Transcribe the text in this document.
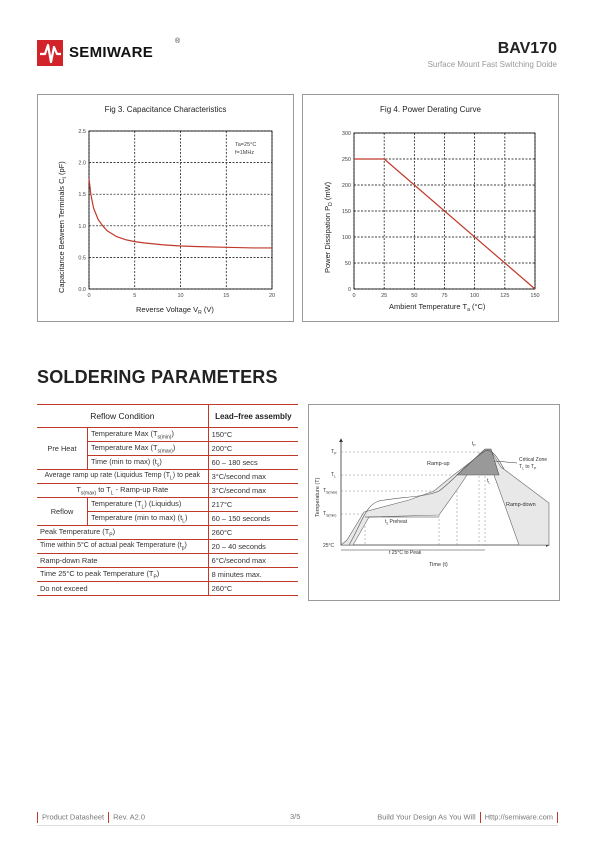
SEMIWARE
®	BAV170
Surface Mount Fast Switching Doide
Fig 3. Capacitance Characteristics
Capacitance Between Terminals $C_t$ (pF)
Reverse Voltage $V_R$ (V)
Ta=25°C
f=1MHz
0	5	10	15	20
0.0
0.5
1.0
1.5
2.0
2.5
Fig 4. Power Derating Curve
Power Dissipation $P_D$ (mW)
Ambient Temperature $T_a$ (°C)
0	25	50	75	100	125	150
0
50
100
150
200
250
300
SOLDERING PARAMETERS
Reflow Condition		Lead–free assembly
Pre Heat	Temperature Max $(T_{s(min)})$	150°C
	Temperature Max $(T_{s(max)})$	200°C
	Time (min to max) $(t_s)$	60 – 180 secs
Average ramp up rate (Liquidus Temp $(T_L)$ to peak		3°C/second max
$T_{s(max)}$ to $T_L$ - Ramp-up Rate		3°C/second max
Reflow	Temperature $(T_L)$ (Liquidus)	217°C
	Temperature (min to max) $(t_L)$	60 – 150 seconds
Peak Temperature $(T_P)$		260°C
Time within 5°C of actual peak Temperature $(t_p)$		20 – 40 seconds
Ramp-down Rate		6°C/second max
Time 25°C to peak Temperature $(T_P)$		8 minutes max.
Do not exceed		260°C
$T_P$
$T_L$
$T_{S(max)}$
$T_{S(min)}$
25°C
Temperature (T)
Time (t)
Ramp-up
Ramp-down
Critical Zone
$T_L$ to $T_P$
$t_s$ Preheat
t 25°C to Peak
$t_P$
$t_L$
Product Datasheet Rev. A2.0	3/5	Build Your Design As You Will Http://semiware.com
